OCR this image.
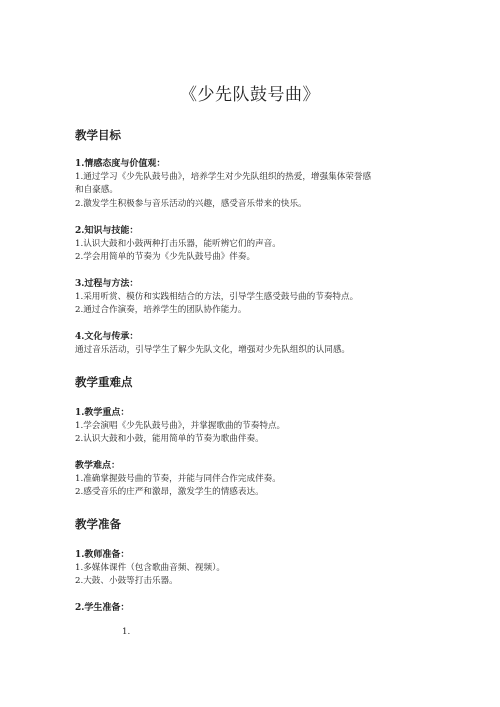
《少先队鼓号曲》
教学目标
1.情感态度与价值观：
1.通过学习《少先队鼓号曲》，培养学生对少先队组织的热爱，增强集体荣誉感
和自豪感。
2.激发学生积极参与音乐活动的兴趣，感受音乐带来的快乐。
2.知识与技能：
1.认识大鼓和小鼓两种打击乐器，能听辨它们的声音。
2.学会用简单的节奏为《少先队鼓号曲》伴奏。
3.过程与方法：
1.采用听赏、模仿和实践相结合的方法，引导学生感受鼓号曲的节奏特点。
2.通过合作演奏，培养学生的团队协作能力。
4.文化与传承：
通过音乐活动，引导学生了解少先队文化，增强对少先队组织的认同感。
教学重难点
1.教学重点：
1.学会演唱《少先队鼓号曲》，并掌握歌曲的节奏特点。
2.认识大鼓和小鼓，能用简单的节奏为歌曲伴奏。
教学难点：
1.准确掌握鼓号曲的节奏，并能与同伴合作完成伴奏。
2.感受音乐的庄严和激昂，激发学生的情感表达。
教学准备
1.教师准备：
1.多媒体课件（包含歌曲音频、视频）。
2.大鼓、小鼓等打击乐器。
2.学生准备：
1.
